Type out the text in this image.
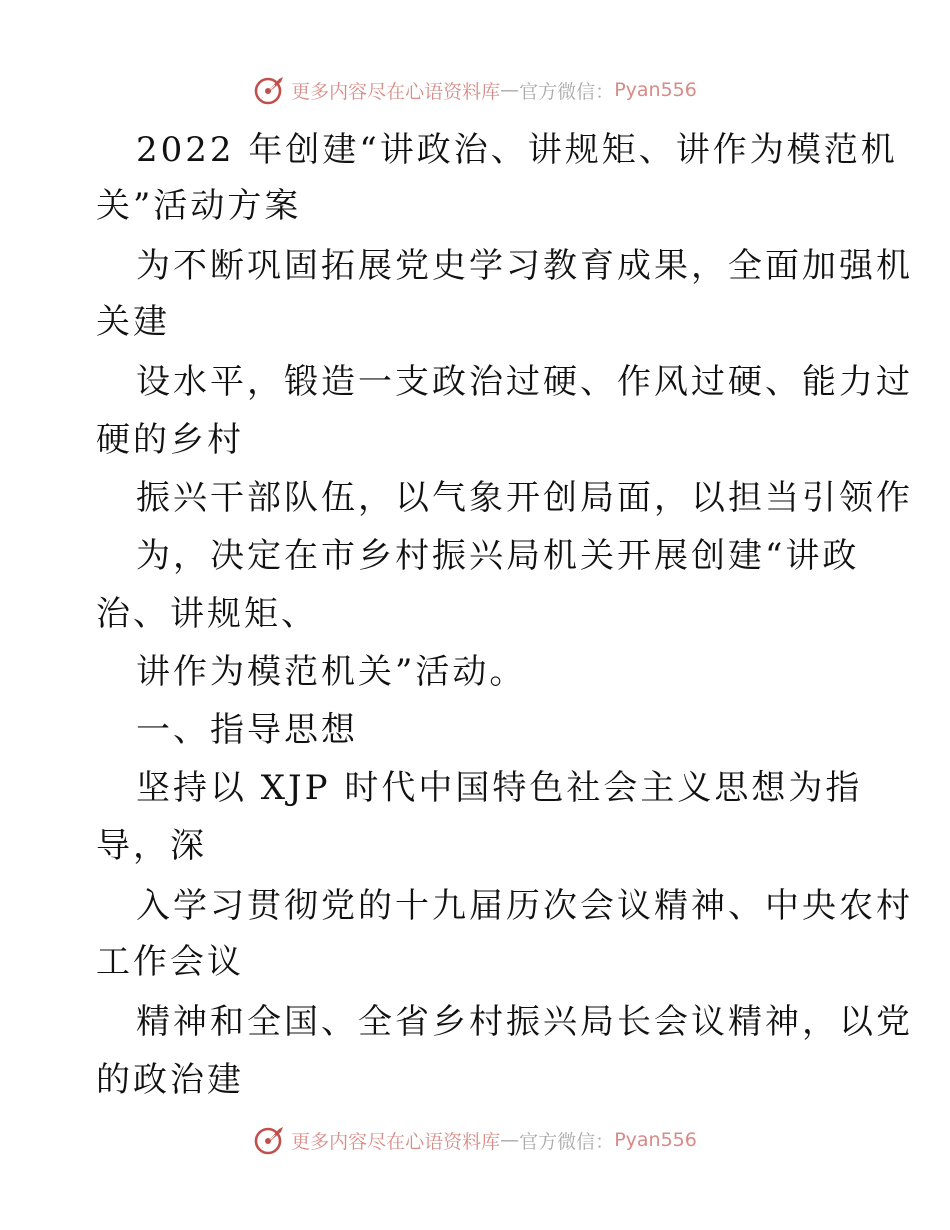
更多内容尽在心语资料库 — 官方微信： Pyan556
2022 年创建“讲政治、讲规矩、讲作为模范机
关”活动方案
为不断巩固拓展党史学习教育成果，全面加强机
关建
设水平，锻造一支政治过硬、作风过硬、能力过
硬的乡村
振兴干部队伍，以气象开创局面，以担当引领作
为，决定在市乡村振兴局机关开展创建“讲政
治、讲规矩、
讲作为模范机关”活动。
一、指导思想
坚持以 XJP 时代中国特色社会主义思想为指
导，深
入学习贯彻党的十九届历次会议精神、中央农村
工作会议
精神和全国、全省乡村振兴局长会议精神，以党
的政治建
更多内容尽在心语资料库 — 官方微信： Pyan556
